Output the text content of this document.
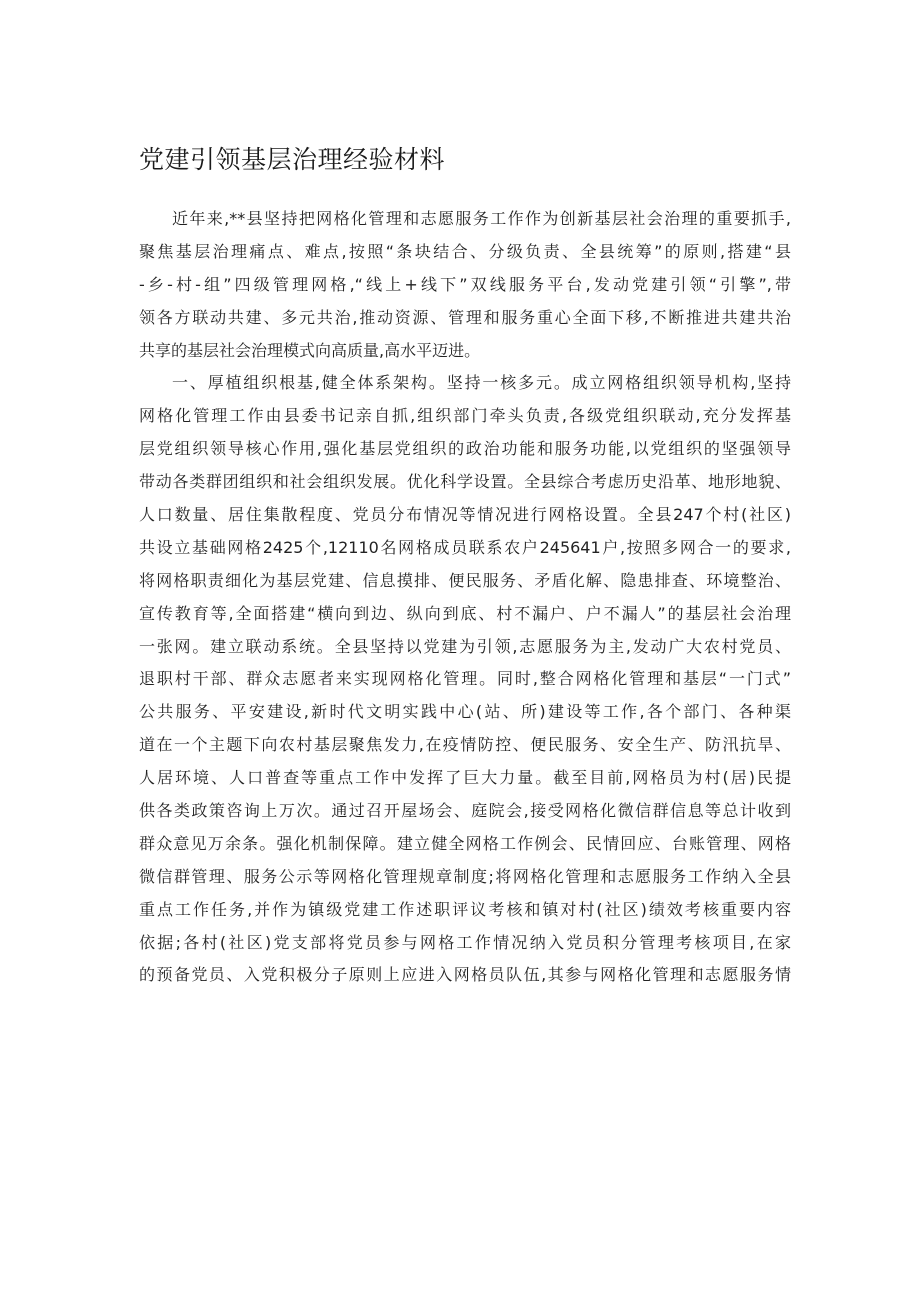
党建引领基层治理经验材料

近年来,**县坚持把网格化管理和志愿服务工作作为创新基层社会治理的重要抓手,
聚焦基层治理痛点、难点,按照“条块结合、分级负责、全县统筹”的原则,搭建“县
-乡-村-组”四级管理网格,“线上+线下”双线服务平台,发动党建引领“引擎”,带
领各方联动共建、多元共治,推动资源、管理和服务重心全面下移,不断推进共建共治
共享的基层社会治理模式向高质量,高水平迈进。

一、厚植组织根基,健全体系架构。坚持一核多元。成立网格组织领导机构,坚持
网格化管理工作由县委书记亲自抓,组织部门牵头负责,各级党组织联动,充分发挥基
层党组织领导核心作用,强化基层党组织的政治功能和服务功能,以党组织的坚强领导
带动各类群团组织和社会组织发展。优化科学设置。全县综合考虑历史沿革、地形地貌、
人口数量、居住集散程度、党员分布情况等情况进行网格设置。全县247个村(社区)
共设立基础网格2425个,12110名网格成员联系农户245641户,按照多网合一的要求,
将网格职责细化为基层党建、信息摸排、便民服务、矛盾化解、隐患排查、环境整治、
宣传教育等,全面搭建“横向到边、纵向到底、村不漏户、户不漏人”的基层社会治理
一张网。建立联动系统。全县坚持以党建为引领,志愿服务为主,发动广大农村党员、
退职村干部、群众志愿者来实现网格化管理。同时,整合网格化管理和基层“一门式”
公共服务、平安建设,新时代文明实践中心(站、所)建设等工作,各个部门、各种渠
道在一个主题下向农村基层聚焦发力,在疫情防控、便民服务、安全生产、防汛抗旱、
人居环境、人口普查等重点工作中发挥了巨大力量。截至目前,网格员为村(居)民提
供各类政策咨询上万次。通过召开屋场会、庭院会,接受网格化微信群信息等总计收到
群众意见万余条。强化机制保障。建立健全网格工作例会、民情回应、台账管理、网格
微信群管理、服务公示等网格化管理规章制度;将网格化管理和志愿服务工作纳入全县
重点工作任务,并作为镇级党建工作述职评议考核和镇对村(社区)绩效考核重要内容
依据;各村(社区)党支部将党员参与网格工作情况纳入党员积分管理考核项目,在家
的预备党员、入党积极分子原则上应进入网格员队伍,其参与网格化管理和志愿服务情
